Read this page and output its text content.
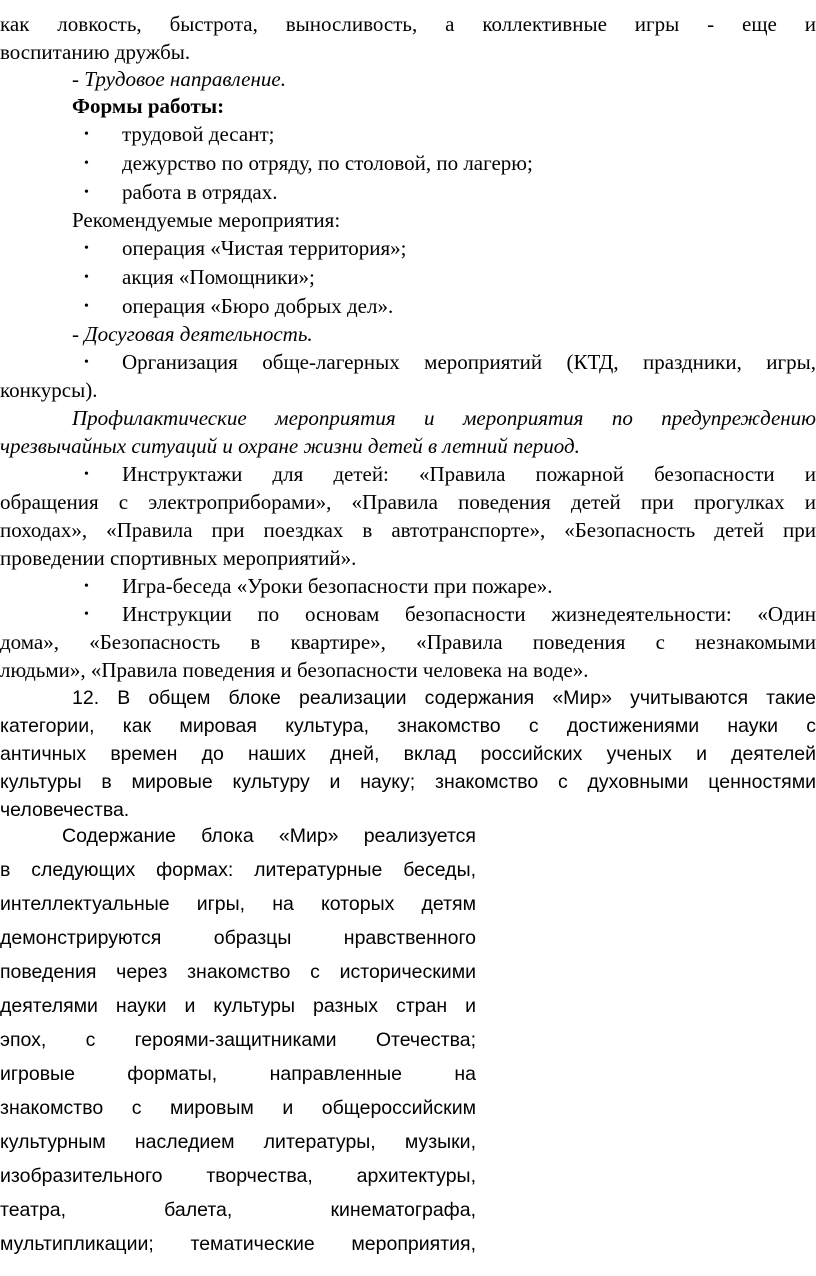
как ловкость, быстрота, выносливость, а коллективные игры - еще и
воспитанию дружбы.
- Трудовое направление.
Формы работы:
• трудовой десант;
• дежурство по отряду, по столовой, по лагерю;
• работа в отрядах.
Рекомендуемые мероприятия:
• операция «Чистая территория»;
• акция «Помощники»;
• операция «Бюро добрых дел».
- Досуговая деятельность.
•	Организация обще-лагерных мероприятий (КТД, праздники, игры,
конкурсы).
Профилактические мероприятия и мероприятия по предупреждению
чрезвычайных ситуаций и охране жизни детей в летний период.
•	Инструктажи для детей: «Правила пожарной безопасности и
обращения с электроприборами», «Правила поведения детей при прогулках и
походах», «Правила при поездках в автотранспорте», «Безопасность детей при
проведении спортивных мероприятий».
• Игра-беседа «Уроки безопасности при пожаре».
•	Инструкции по основам безопасности жизнедеятельности: «Один
дома», «Безопасность в квартире», «Правила поведения с незнакомыми
людьми», «Правила поведения и безопасности человека на воде».
12. В общем блоке реализации содержания «Мир» учитываются такие
категории, как мировая культура, знакомство с достижениями науки с
античных времен до наших дней, вклад российских ученых и деятелей
культуры в мировые культуру и науку; знакомство с духовными ценностями
человечества.
Содержание блока «Мир» реализуется
в следующих формах: литературные беседы,
интеллектуальные игры, на которых детям
демонстрируются образцы нравственного
поведения через знакомство с историческими
деятелями науки и культуры разных стран и
эпох, с героями-защитниками Отечества;
игровые форматы, направленные на
знакомство с мировым и общероссийским
культурным наследием литературы, музыки,
изобразительного творчества, архитектуры,
театра, балета, кинематографа,
мультипликации; тематические мероприятия,
